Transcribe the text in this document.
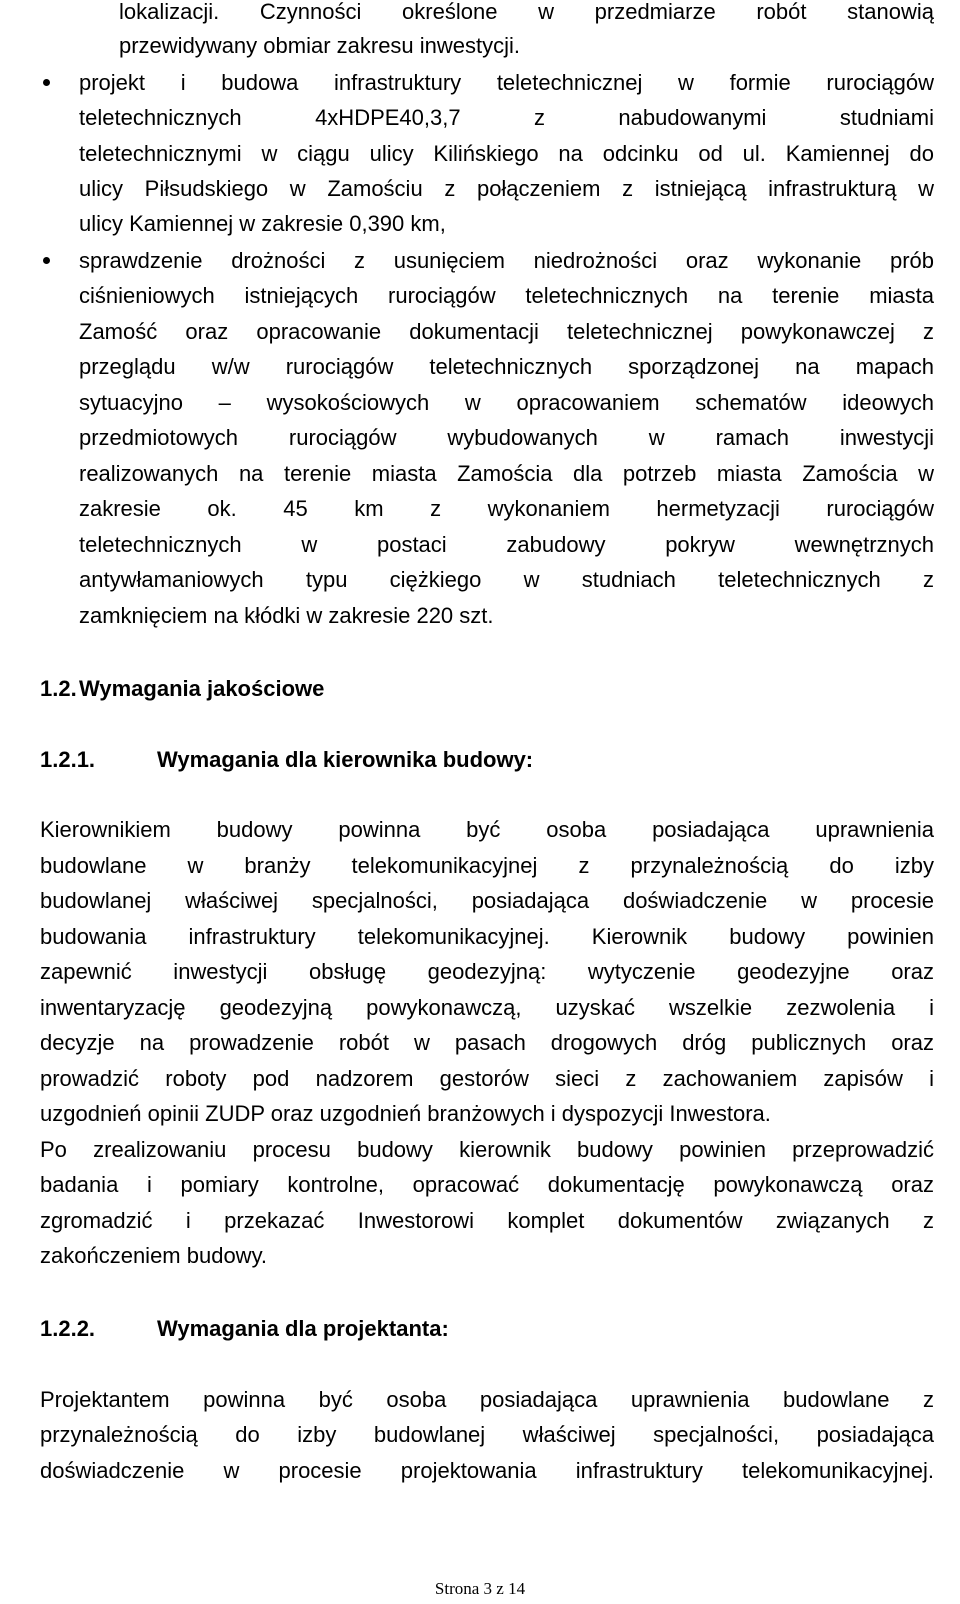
lokalizacji. Czynności określone w przedmiarze robót stanowią
przewidywany obmiar zakresu inwestycji.
projekt i budowa infrastruktury teletechnicznej w formie rurociągów
teletechnicznych 4xHDPE40,3,7 z nabudowanymi studniami
teletechnicznymi w ciągu ulicy Kilińskiego na odcinku od ul. Kamiennej do
ulicy Piłsudskiego w Zamościu z połączeniem z istniejącą infrastrukturą w
ulicy Kamiennej w zakresie 0,390 km,
sprawdzenie drożności z usunięciem niedrożności oraz wykonanie prób
ciśnieniowych istniejących rurociągów teletechnicznych na terenie miasta
Zamość oraz opracowanie dokumentacji teletechnicznej powykonawczej z
przeglądu w/w rurociągów teletechnicznych sporządzonej na mapach
sytuacyjno – wysokościowych w opracowaniem schematów ideowych
przedmiotowych rurociągów wybudowanych w ramach inwestycji
realizowanych na terenie miasta Zamościa dla potrzeb miasta Zamościa w
zakresie ok. 45 km z wykonaniem hermetyzacji rurociągów
teletechnicznych w postaci zabudowy pokryw wewnętrznych
antywłamaniowych typu ciężkiego w studniach teletechnicznych z
zamknięciem na kłódki w zakresie 220 szt.
1.2. Wymagania jakościowe
1.2.1.	Wymagania dla kierownika budowy:
Kierownikiem budowy powinna być osoba posiadająca uprawnienia
budowlane w branży telekomunikacyjnej z przynależnością do izby
budowlanej właściwej specjalności, posiadająca doświadczenie w procesie
budowania infrastruktury telekomunikacyjnej. Kierownik budowy powinien
zapewnić inwestycji obsługę geodezyjną: wytyczenie geodezyjne oraz
inwentaryzację geodezyjną powykonawczą, uzyskać wszelkie zezwolenia i
decyzje na prowadzenie robót w pasach drogowych dróg publicznych oraz
prowadzić roboty pod nadzorem gestorów sieci z zachowaniem zapisów i
uzgodnień opinii ZUDP oraz uzgodnień branżowych i dyspozycji Inwestora.
Po zrealizowaniu procesu budowy kierownik budowy powinien przeprowadzić
badania i pomiary kontrolne, opracować dokumentację powykonawczą oraz
zgromadzić i przekazać Inwestorowi komplet dokumentów związanych z
zakończeniem budowy.
1.2.2.	Wymagania dla projektanta:
Projektantem powinna być osoba posiadająca uprawnienia budowlane z
przynależnością do izby budowlanej właściwej specjalności, posiadająca
doświadczenie w procesie projektowania infrastruktury telekomunikacyjnej.
Strona 3 z 14
